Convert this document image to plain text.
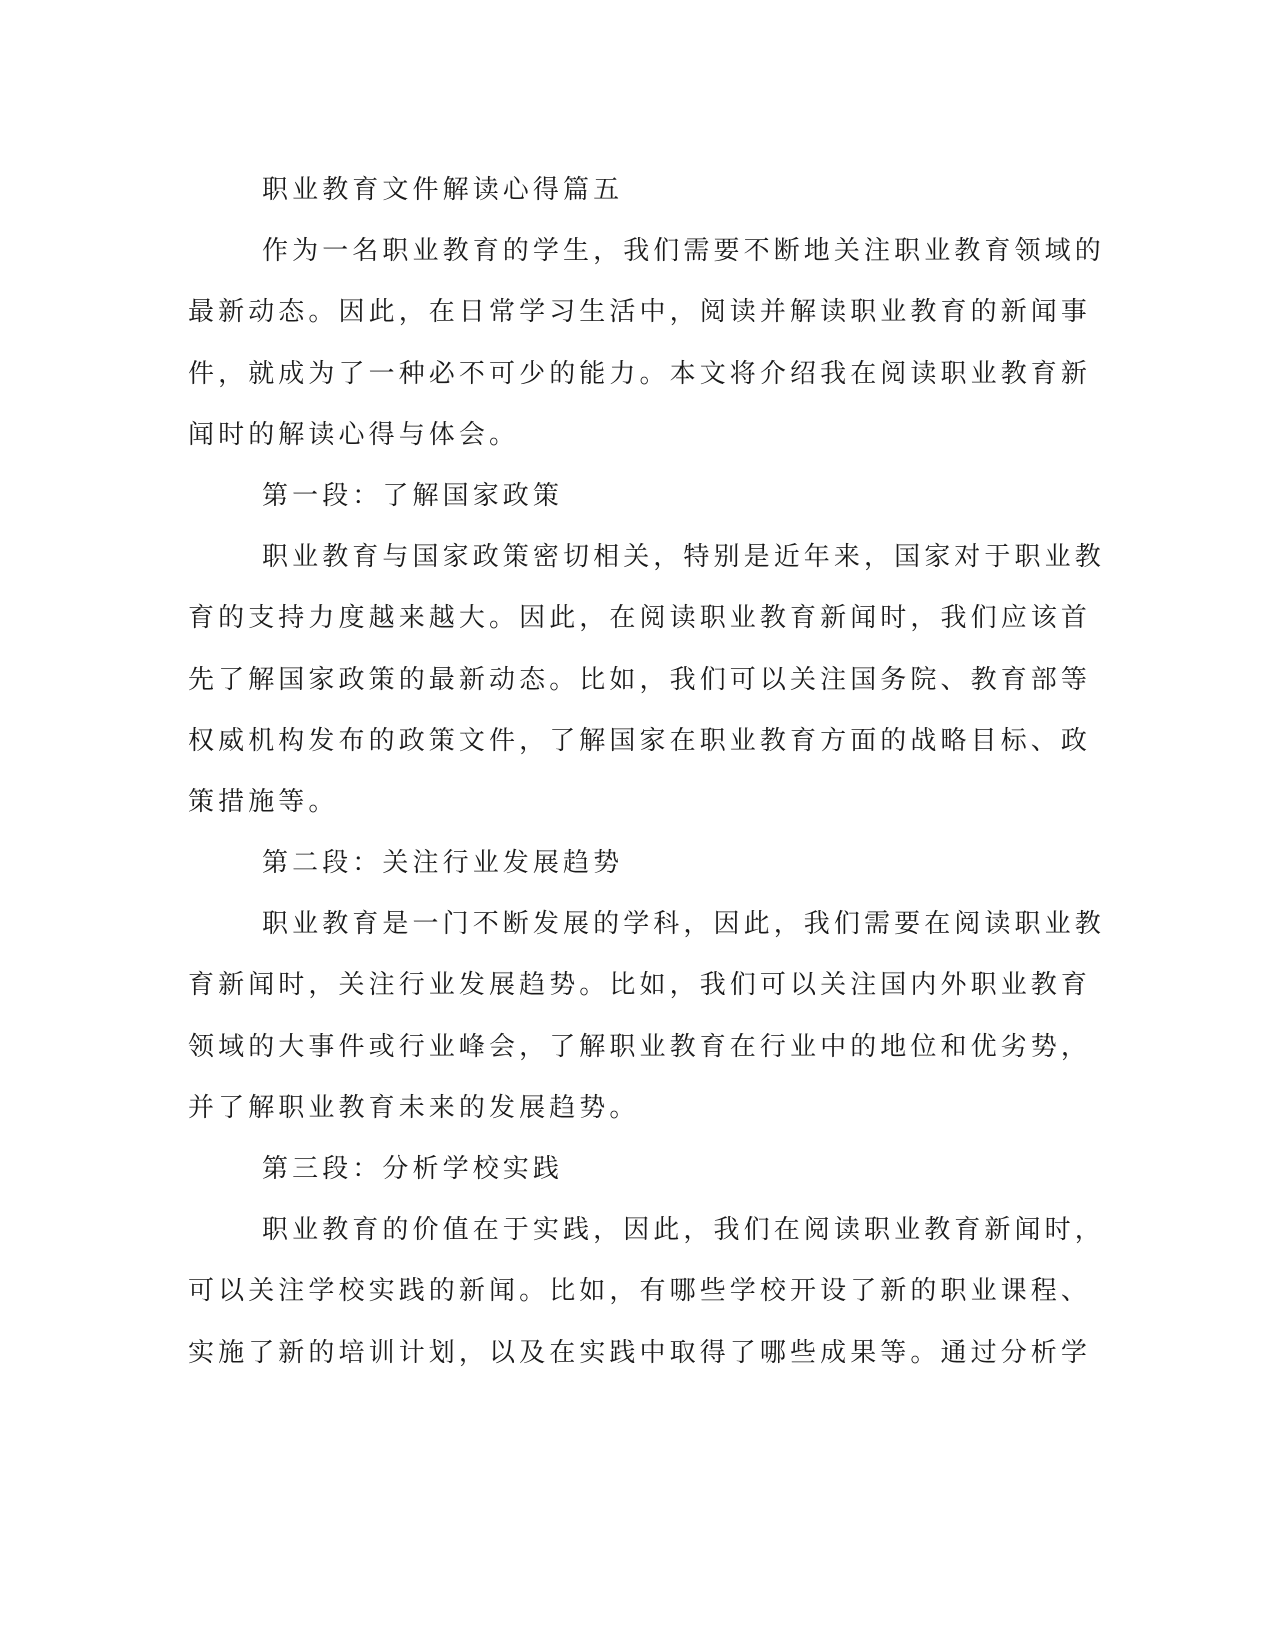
职业教育文件解读心得篇五

作为一名职业教育的学生，我们需要不断地关注职业教育领域的

最新动态。因此，在日常学习生活中，阅读并解读职业教育的新闻事

件，就成为了一种必不可少的能力。本文将介绍我在阅读职业教育新

闻时的解读心得与体会。

第一段：了解国家政策

职业教育与国家政策密切相关，特别是近年来，国家对于职业教

育的支持力度越来越大。因此，在阅读职业教育新闻时，我们应该首

先了解国家政策的最新动态。比如，我们可以关注国务院、教育部等

权威机构发布的政策文件，了解国家在职业教育方面的战略目标、政

策措施等。

第二段：关注行业发展趋势

职业教育是一门不断发展的学科，因此，我们需要在阅读职业教

育新闻时，关注行业发展趋势。比如，我们可以关注国内外职业教育

领域的大事件或行业峰会，了解职业教育在行业中的地位和优劣势，

并了解职业教育未来的发展趋势。

第三段：分析学校实践

职业教育的价值在于实践，因此，我们在阅读职业教育新闻时，

可以关注学校实践的新闻。比如，有哪些学校开设了新的职业课程、

实施了新的培训计划，以及在实践中取得了哪些成果等。通过分析学
